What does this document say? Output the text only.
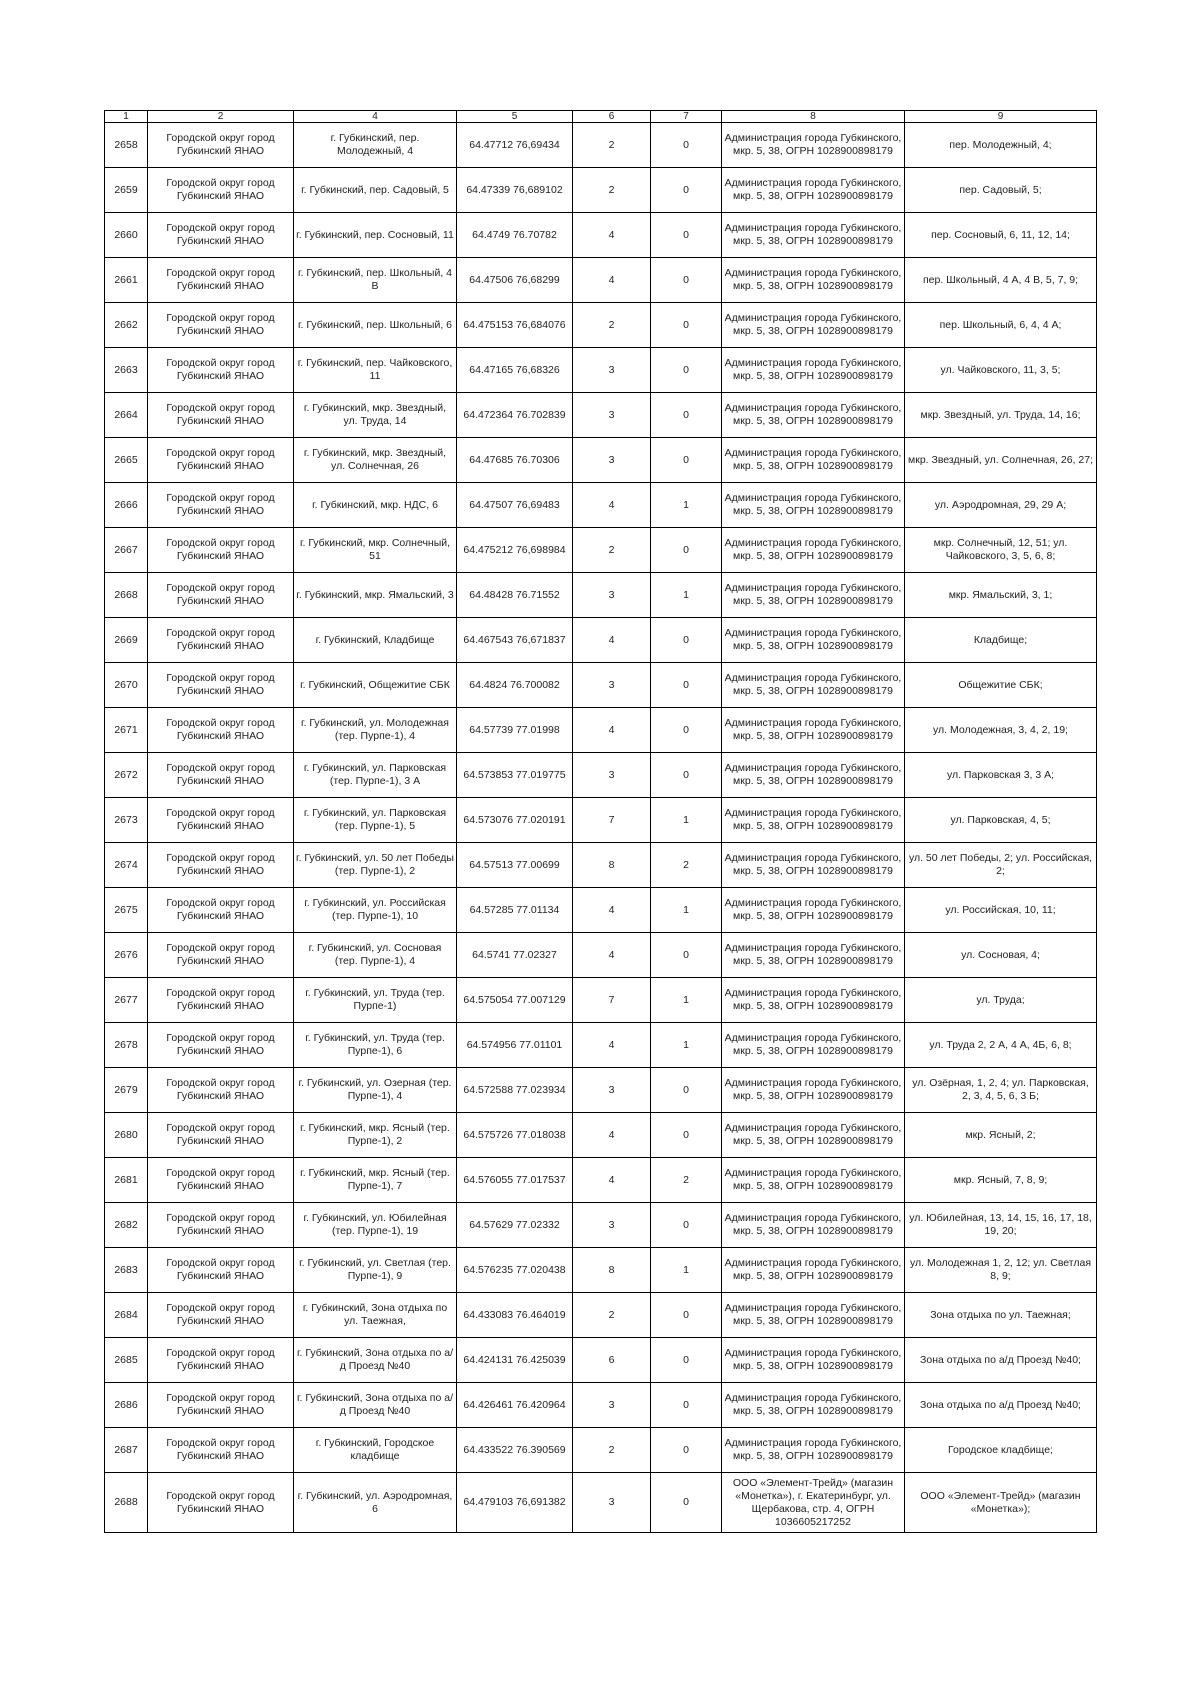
1	2	4	5	6	7	8	9
2658	Городской округ город Губкинский ЯНАО	г. Губкинский, пер. Молодежный, 4	64.47712 76,69434	2	0	Администрация города Губкинского, мкр. 5, 38, ОГРН 1028900898179	пер. Молодежный, 4;
2659	Городской округ город Губкинский ЯНАО	г. Губкинский, пер. Садовый, 5	64.47339 76,689102	2	0	Администрация города Губкинского, мкр. 5, 38, ОГРН 1028900898179	пер. Садовый, 5;
2660	Городской округ город Губкинский ЯНАО	г. Губкинский, пер. Сосновый, 11	64.4749 76.70782	4	0	Администрация города Губкинского, мкр. 5, 38, ОГРН 1028900898179	пер. Сосновый, 6, 11, 12, 14;
2661	Городской округ город Губкинский ЯНАО	г. Губкинский, пер. Школьный, 4 В	64.47506 76,68299	4	0	Администрация города Губкинского, мкр. 5, 38, ОГРН 1028900898179	пер. Школьный, 4 А, 4 В, 5, 7, 9;
2662	Городской округ город Губкинский ЯНАО	г. Губкинский, пер. Школьный, 6	64.475153 76,684076	2	0	Администрация города Губкинского, мкр. 5, 38, ОГРН 1028900898179	пер. Школьный, 6, 4, 4 А;
2663	Городской округ город Губкинский ЯНАО	г. Губкинский, пер. Чайковского, 11	64.47165 76,68326	3	0	Администрация города Губкинского, мкр. 5, 38, ОГРН 1028900898179	ул. Чайковского, 11, 3, 5;
2664	Городской округ город Губкинский ЯНАО	г. Губкинский, мкр. Звездный, ул. Труда, 14	64.472364 76.702839	3	0	Администрация города Губкинского, мкр. 5, 38, ОГРН 1028900898179	мкр. Звездный, ул. Труда, 14, 16;
2665	Городской округ город Губкинский ЯНАО	г. Губкинский, мкр. Звездный, ул. Солнечная, 26	64.47685 76.70306	3	0	Администрация города Губкинского, мкр. 5, 38, ОГРН 1028900898179	мкр. Звездный, ул. Солнечная, 26, 27;
2666	Городской округ город Губкинский ЯНАО	г. Губкинский, мкр. НДС, 6	64.47507 76,69483	4	1	Администрация города Губкинского, мкр. 5, 38, ОГРН 1028900898179	ул. Аэродромная, 29, 29 А;
2667	Городской округ город Губкинский ЯНАО	г. Губкинский, мкр. Солнечный, 51	64.475212 76,698984	2	0	Администрация города Губкинского, мкр. 5, 38, ОГРН 1028900898179	мкр. Солнечный, 12, 51; ул. Чайковского, 3, 5, 6, 8;
2668	Городской округ город Губкинский ЯНАО	г. Губкинский, мкр. Ямальский, 3	64.48428 76.71552	3	1	Администрация города Губкинского, мкр. 5, 38, ОГРН 1028900898179	мкр. Ямальский, 3, 1;
2669	Городской округ город Губкинский ЯНАО	г. Губкинский, Кладбище	64.467543 76,671837	4	0	Администрация города Губкинского, мкр. 5, 38, ОГРН 1028900898179	Кладбище;
2670	Городской округ город Губкинский ЯНАО	г. Губкинский, Общежитие СБК	64.4824 76.700082	3	0	Администрация города Губкинского, мкр. 5, 38, ОГРН 1028900898179	Общежитие СБК;
2671	Городской округ город Губкинский ЯНАО	г. Губкинский, ул. Молодежная (тер. Пурпе-1), 4	64.57739 77.01998	4	0	Администрация города Губкинского, мкр. 5, 38, ОГРН 1028900898179	ул. Молодежная, 3, 4, 2, 19;
2672	Городской округ город Губкинский ЯНАО	г. Губкинский, ул. Парковская (тер. Пурпе-1), 3 А	64.573853 77.019775	3	0	Администрация города Губкинского, мкр. 5, 38, ОГРН 1028900898179	ул. Парковская 3, 3 А;
2673	Городской округ город Губкинский ЯНАО	г. Губкинский, ул. Парковская (тер. Пурпе-1), 5	64.573076 77.020191	7	1	Администрация города Губкинского, мкр. 5, 38, ОГРН 1028900898179	ул. Парковская, 4, 5;
2674	Городской округ город Губкинский ЯНАО	г. Губкинский, ул. 50 лет Победы (тер. Пурпе-1), 2	64.57513 77.00699	8	2	Администрация города Губкинского, мкр. 5, 38, ОГРН 1028900898179	ул. 50 лет Победы, 2; ул. Российская, 2;
2675	Городской округ город Губкинский ЯНАО	г. Губкинский, ул. Российская (тер. Пурпе-1), 10	64.57285 77.01134	4	1	Администрация города Губкинского, мкр. 5, 38, ОГРН 1028900898179	ул. Российская, 10, 11;
2676	Городской округ город Губкинский ЯНАО	г. Губкинский, ул. Сосновая (тер. Пурпе-1), 4	64.5741 77.02327	4	0	Администрация города Губкинского, мкр. 5, 38, ОГРН 1028900898179	ул. Сосновая, 4;
2677	Городской округ город Губкинский ЯНАО	г. Губкинский, ул. Труда (тер. Пурпе-1)	64.575054 77.007129	7	1	Администрация города Губкинского, мкр. 5, 38, ОГРН 1028900898179	ул. Труда;
2678	Городской округ город Губкинский ЯНАО	г. Губкинский, ул. Труда (тер. Пурпе-1), 6	64.574956 77.01101	4	1	Администрация города Губкинского, мкр. 5, 38, ОГРН 1028900898179	ул. Труда 2, 2 А, 4 А, 4Б, 6, 8;
2679	Городской округ город Губкинский ЯНАО	г. Губкинский, ул. Озерная (тер. Пурпе-1), 4	64.572588 77.023934	3	0	Администрация города Губкинского, мкр. 5, 38, ОГРН 1028900898179	ул. Озёрная, 1, 2, 4; ул. Парковская, 2, 3, 4, 5, 6, 3 Б;
2680	Городской округ город Губкинский ЯНАО	г. Губкинский, мкр. Ясный (тер. Пурпе-1), 2	64.575726 77.018038	4	0	Администрация города Губкинского, мкр. 5, 38, ОГРН 1028900898179	мкр. Ясный, 2;
2681	Городской округ город Губкинский ЯНАО	г. Губкинский, мкр. Ясный (тер. Пурпе-1), 7	64.576055 77.017537	4	2	Администрация города Губкинского, мкр. 5, 38, ОГРН 1028900898179	мкр. Ясный, 7, 8, 9;
2682	Городской округ город Губкинский ЯНАО	г. Губкинский, ул. Юбилейная (тер. Пурпе-1), 19	64.57629 77.02332	3	0	Администрация города Губкинского, мкр. 5, 38, ОГРН 1028900898179	ул. Юбилейная, 13, 14, 15, 16, 17, 18, 19, 20;
2683	Городской округ город Губкинский ЯНАО	г. Губкинский, ул. Светлая (тер. Пурпе-1), 9	64.576235 77.020438	8	1	Администрация города Губкинского, мкр. 5, 38, ОГРН 1028900898179	ул. Молодежная 1, 2, 12; ул. Светлая 8, 9;
2684	Городской округ город Губкинский ЯНАО	г. Губкинский, Зона отдыха по ул. Таежная,	64.433083 76.464019	2	0	Администрация города Губкинского, мкр. 5, 38, ОГРН 1028900898179	Зона отдыха по ул. Таежная;
2685	Городской округ город Губкинский ЯНАО	г. Губкинский, Зона отдыха по а/д Проезд №40	64.424131 76.425039	6	0	Администрация города Губкинского, мкр. 5, 38, ОГРН 1028900898179	Зона отдыха по а/д Проезд №40;
2686	Городской округ город Губкинский ЯНАО	г. Губкинский, Зона отдыха по а/д Проезд №40	64.426461 76.420964	3	0	Администрация города Губкинского, мкр. 5, 38, ОГРН 1028900898179	Зона отдыха по а/д Проезд №40;
2687	Городской округ город Губкинский ЯНАО	г. Губкинский, Городское кладбище	64.433522 76.390569	2	0	Администрация города Губкинского, мкр. 5, 38, ОГРН 1028900898179	Городское кладбище;
2688	Городской округ город Губкинский ЯНАО	г. Губкинский, ул. Аэродромная, 6	64.479103 76,691382	3	0	ООО «Элемент-Трейд» (магазин «Монетка»), г. Екатеринбург, ул. Щербакова, стр. 4, ОГРН 1036605217252	ООО «Элемент-Трейд» (магазин «Монетка»);
